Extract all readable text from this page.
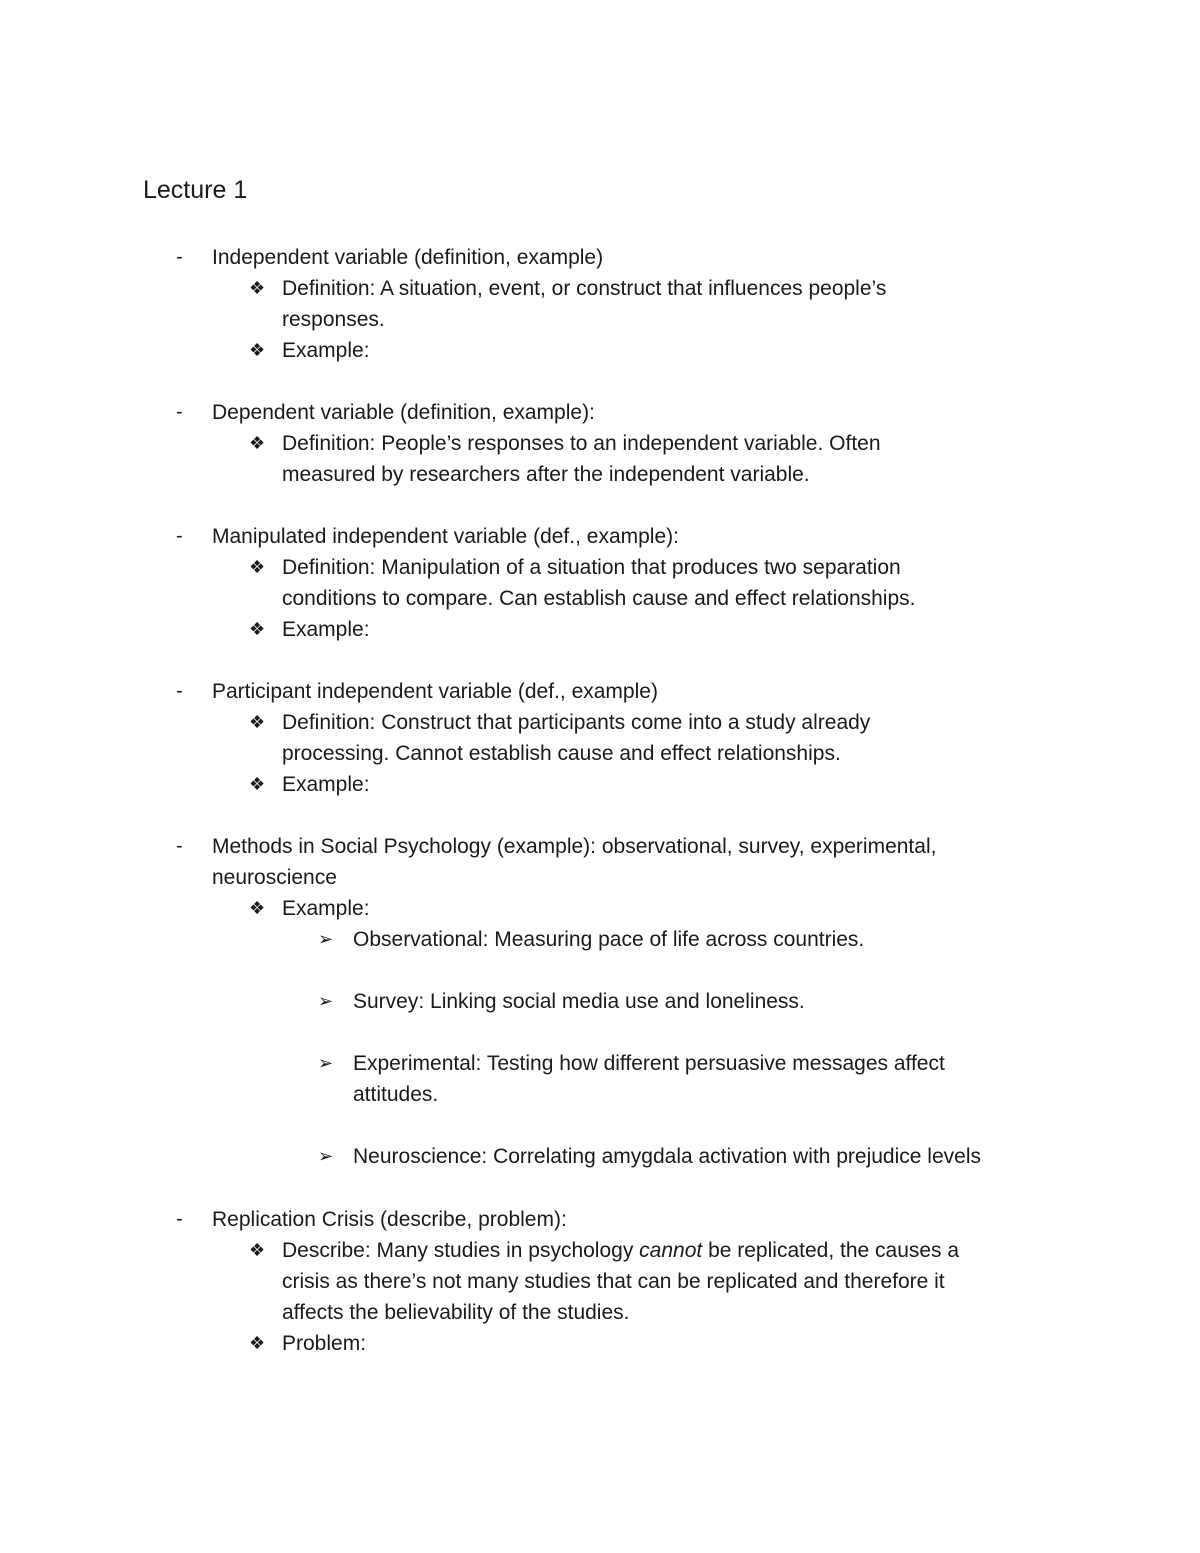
Lecture 1
- Independent variable (definition, example)
❖ Definition: A situation, event, or construct that influences people’s
responses.
❖ Example:
- Dependent variable (definition, example):
❖ Definition: People’s responses to an independent variable. Often
measured by researchers after the independent variable.
- Manipulated independent variable (def., example):
❖ Definition: Manipulation of a situation that produces two separation
conditions to compare. Can establish cause and effect relationships.
❖ Example:
- Participant independent variable (def., example)
❖ Definition: Construct that participants come into a study already
processing. Cannot establish cause and effect relationships.
❖ Example:
- Methods in Social Psychology (example): observational, survey, experimental,
neuroscience
❖ Example:
➢ Observational: Measuring pace of life across countries.
➢ Survey: Linking social media use and loneliness.
➢ Experimental: Testing how different persuasive messages affect
attitudes.
➢ Neuroscience: Correlating amygdala activation with prejudice levels
- Replication Crisis (describe, problem):
❖ Describe: Many studies in psychology cannot be replicated, the causes a
crisis as there’s not many studies that can be replicated and therefore it
affects the believability of the studies.
❖ Problem:
